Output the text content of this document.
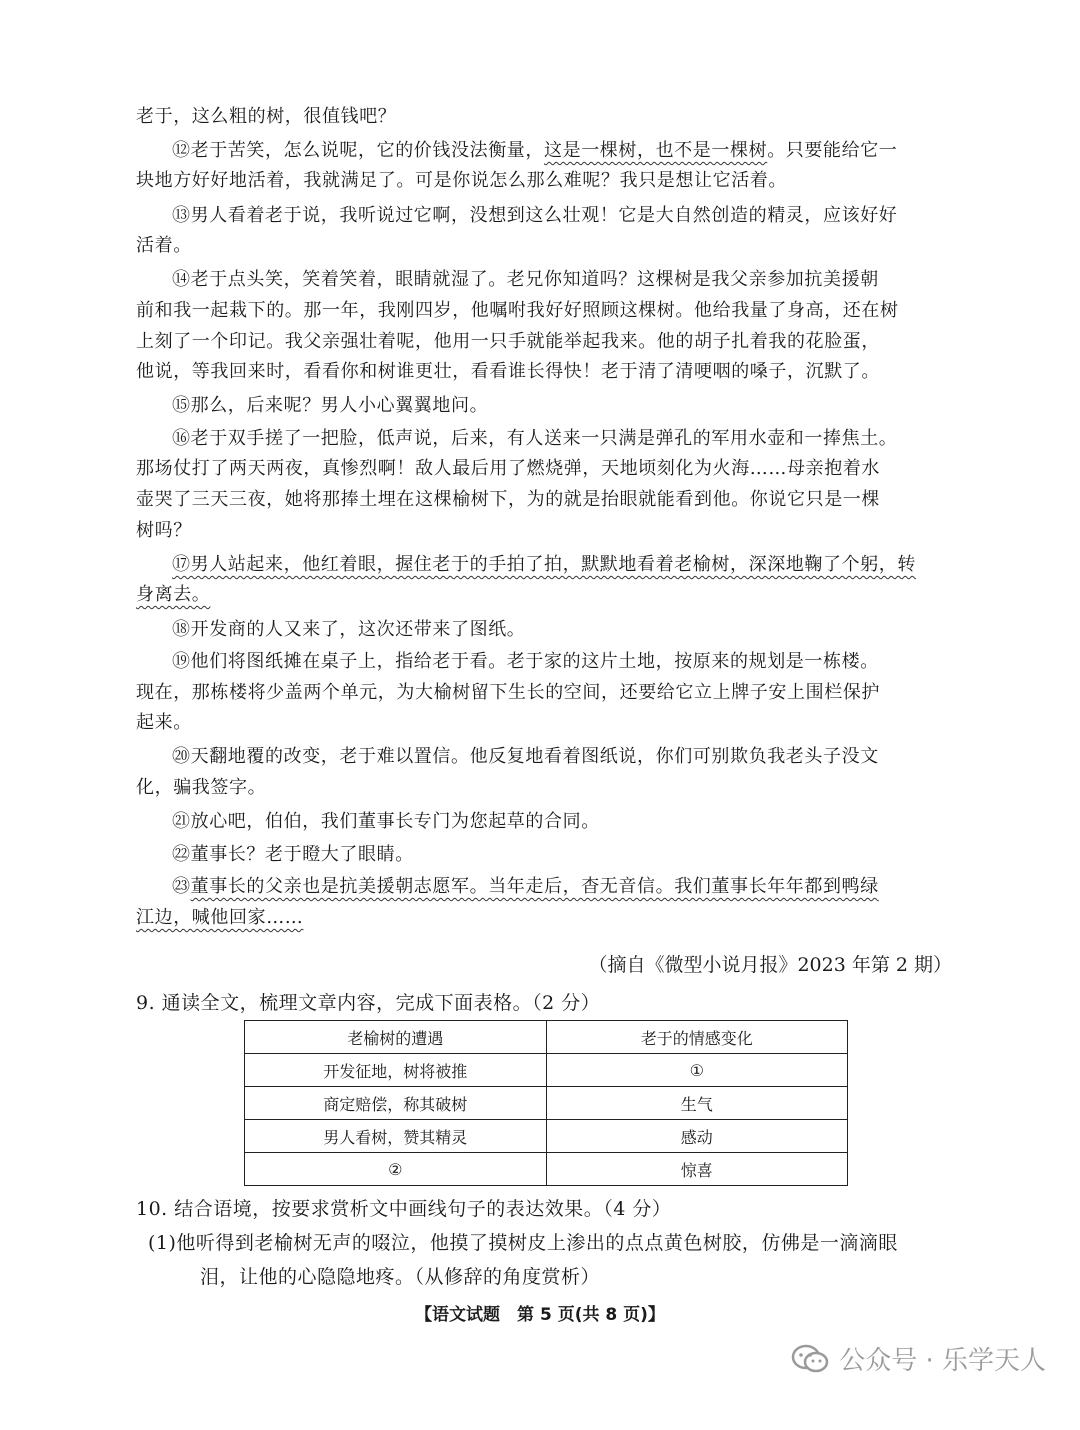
老于，这么粗的树，很值钱吧？
⑫老于苦笑，怎么说呢，它的价钱没法衡量，这是一棵树，也不是一棵树。只要能给它一
块地方好好地活着，我就满足了。可是你说怎么那么难呢？我只是想让它活着。
⑬男人看着老于说，我听说过它啊，没想到这么壮观！它是大自然创造的精灵，应该好好
活着。
⑭老于点头笑，笑着笑着，眼睛就湿了。老兄你知道吗？这棵树是我父亲参加抗美援朝
前和我一起栽下的。那一年，我刚四岁，他嘱咐我好好照顾这棵树。他给我量了身高，还在树
上刻了一个印记。我父亲强壮着呢，他用一只手就能举起我来。他的胡子扎着我的花脸蛋，
他说，等我回来时，看看你和树谁更壮，看看谁长得快！老于清了清哽咽的嗓子，沉默了。
⑮那么，后来呢？男人小心翼翼地问。
⑯老于双手搓了一把脸，低声说，后来，有人送来一只满是弹孔的军用水壶和一捧焦土。
那场仗打了两天两夜，真惨烈啊！敌人最后用了燃烧弹，天地顷刻化为火海……母亲抱着水
壶哭了三天三夜，她将那捧土埋在这棵榆树下，为的就是抬眼就能看到他。你说它只是一棵
树吗？
⑰男人站起来，他红着眼，握住老于的手拍了拍，默默地看着老榆树，深深地鞠了个躬，转
身离去。
⑱开发商的人又来了，这次还带来了图纸。
⑲他们将图纸摊在桌子上，指给老于看。老于家的这片土地，按原来的规划是一栋楼。
现在，那栋楼将少盖两个单元，为大榆树留下生长的空间，还要给它立上牌子安上围栏保护
起来。
⑳天翻地覆的改变，老于难以置信。他反复地看着图纸说，你们可别欺负我老头子没文
化，骗我签字。
㉑放心吧，伯伯，我们董事长专门为您起草的合同。
㉒董事长？老于瞪大了眼睛。
㉓董事长的父亲也是抗美援朝志愿军。当年走后，杳无音信。我们董事长年年都到鸭绿
江边，喊他回家……
（摘自《微型小说月报》2023 年第 2 期）
9. 通读全文，梳理文章内容，完成下面表格。（2 分）
老榆树的遭遇	老于的情感变化
开发征地，树将被推	①
商定赔偿，称其破树	生气
男人看树，赞其精灵	感动
②	惊喜
10. 结合语境，按要求赏析文中画线句子的表达效果。（4 分）
(1)他听得到老榆树无声的啜泣，他摸了摸树皮上渗出的点点黄色树胶，仿佛是一滴滴眼
泪，让他的心隐隐地疼。（从修辞的角度赏析）
【语文试题　第 5 页(共 8 页)】
公众号 · 乐学天人
